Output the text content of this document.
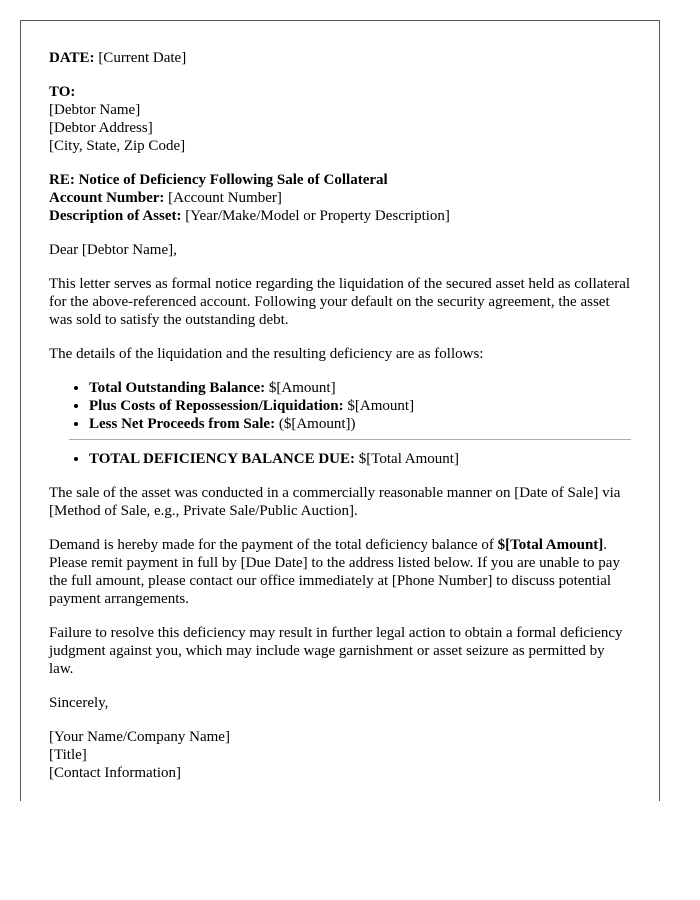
DATE: [Current Date]

TO:
[Debtor Name]
[Debtor Address]
[City, State, Zip Code]
RE: Notice of Deficiency Following Sale of Collateral
Account Number: [Account Number]
Description of Asset: [Year/Make/Model or Property Description]

Dear [Debtor Name],

This letter serves as formal notice regarding the liquidation of the secured asset held as collateral for the above-referenced account. Following your default on the security agreement, the asset was sold to satisfy the outstanding debt.

The details of the liquidation and the resulting deficiency are as follows:

• Total Outstanding Balance: $[Amount]
• Plus Costs of Repossession/Liquidation: $[Amount]
• Less Net Proceeds from Sale: ($[Amount])
• TOTAL DEFICIENCY BALANCE DUE: $[Total Amount]

The sale of the asset was conducted in a commercially reasonable manner on [Date of Sale] via [Method of Sale, e.g., Private Sale/Public Auction].

Demand is hereby made for the payment of the total deficiency balance of $[Total Amount]. Please remit payment in full by [Due Date] to the address listed below. If you are unable to pay the full amount, please contact our office immediately at [Phone Number] to discuss potential payment arrangements.

Failure to resolve this deficiency may result in further legal action to obtain a formal deficiency judgment against you, which may include wage garnishment or asset seizure as permitted by law.

Sincerely,

[Your Name/Company Name]
[Title]
[Contact Information]
